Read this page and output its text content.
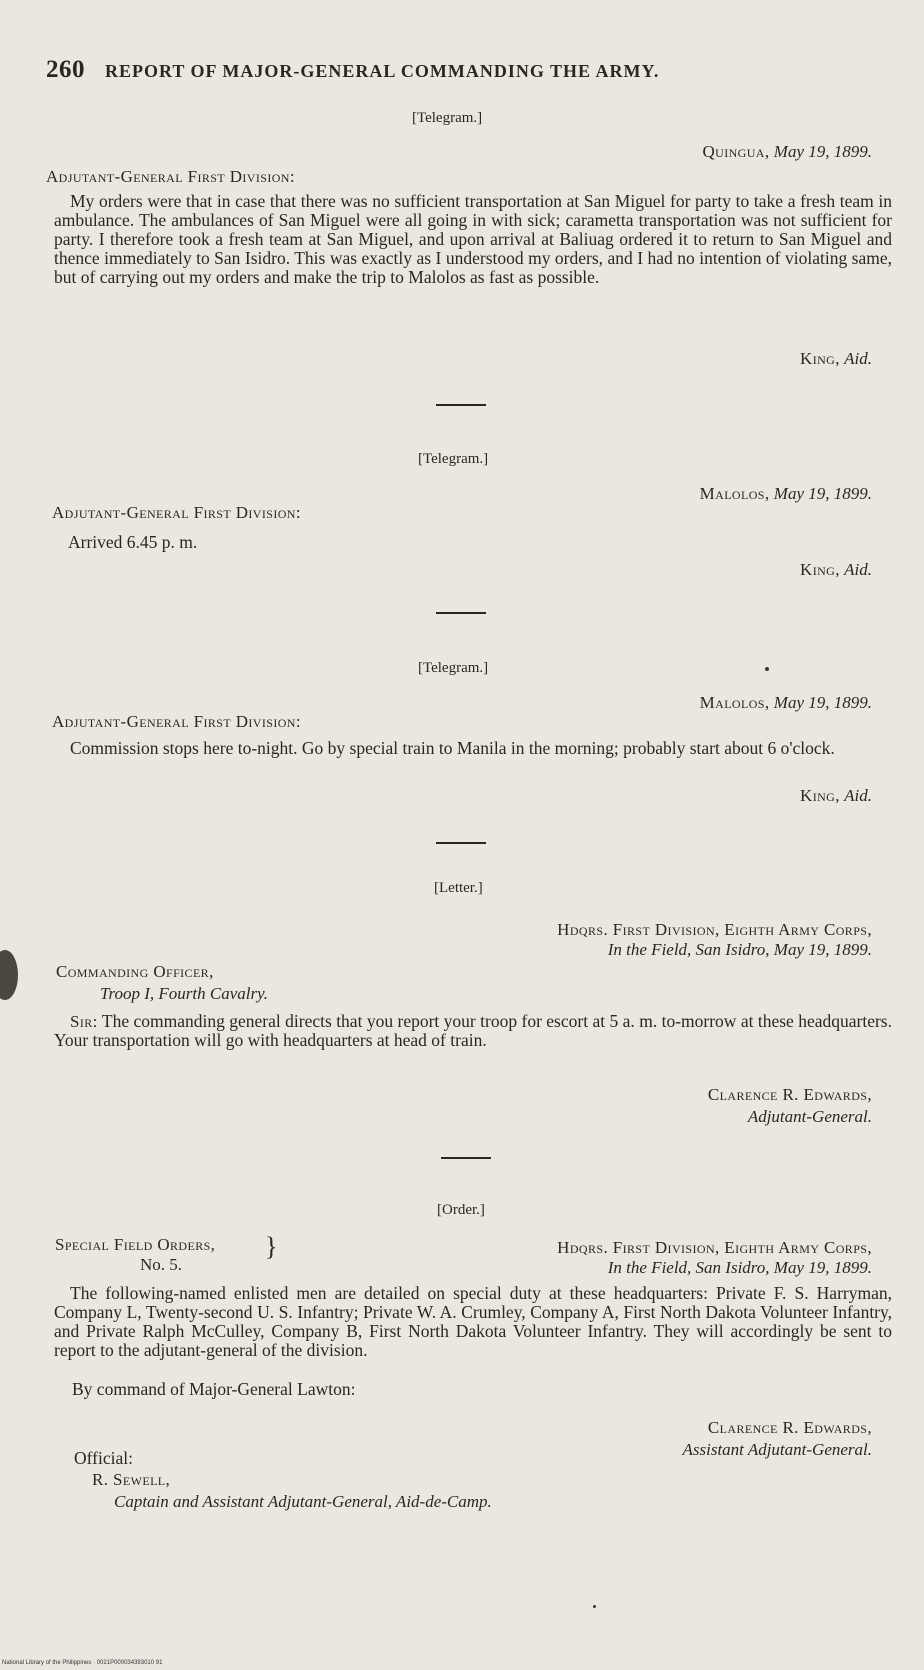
260 REPORT OF MAJOR-GENERAL COMMANDING THE ARMY.
[Telegram.]
Quingua, May 19, 1899.
Adjutant-General First Division:
My orders were that in case that there was no sufficient transportation at San Miguel for party to take a fresh team in ambulance. The ambulances of San Miguel were all going in with sick; carametta transportation was not sufficient for party. I therefore took a fresh team at San Miguel, and upon arrival at Baliuag ordered it to return to San Miguel and thence immediately to San Isidro. This was exactly as I understood my orders, and I had no intention of violating same, but of carrying out my orders and make the trip to Malolos as fast as possible.
King, Aid.
[Telegram.]
Malolos, May 19, 1899.
Adjutant-General First Division:
Arrived 6.45 p. m.
King, Aid.
[Telegram.]
Malolos, May 19, 1899.
Adjutant-General First Division:
Commission stops here to-night. Go by special train to Manila in the morning; probably start about 6 o'clock.
King, Aid.
[Letter.]
Hdqrs. First Division, Eighth Army Corps,
In the Field, San Isidro, May 19, 1899.
Commanding Officer,
Troop I, Fourth Cavalry.
Sir: The commanding general directs that you report your troop for escort at 5 a. m. to-morrow at these headquarters. Your transportation will go with headquarters at head of train.
Clarence R. Edwards,
Adjutant-General.
[Order.]
Special Field Orders,
No. 5.
}	Hdqrs. First Division, Eighth Army Corps,
In the Field, San Isidro, May 19, 1899.
The following-named enlisted men are detailed on special duty at these headquarters: Private F. S. Harryman, Company L, Twenty-second U. S. Infantry; Private W. A. Crumley, Company A, First North Dakota Volunteer Infantry, and Private Ralph McCulley, Company B, First North Dakota Volunteer Infantry. They will accordingly be sent to report to the adjutant-general of the division.
By command of Major-General Lawton:
Clarence R. Edwards,
Assistant Adjutant-General.
Official:
R. Sewell,
Captain and Assistant Adjutant-General, Aid-de-Camp.
National Library of the Philippines · 0021P000034393010 91
